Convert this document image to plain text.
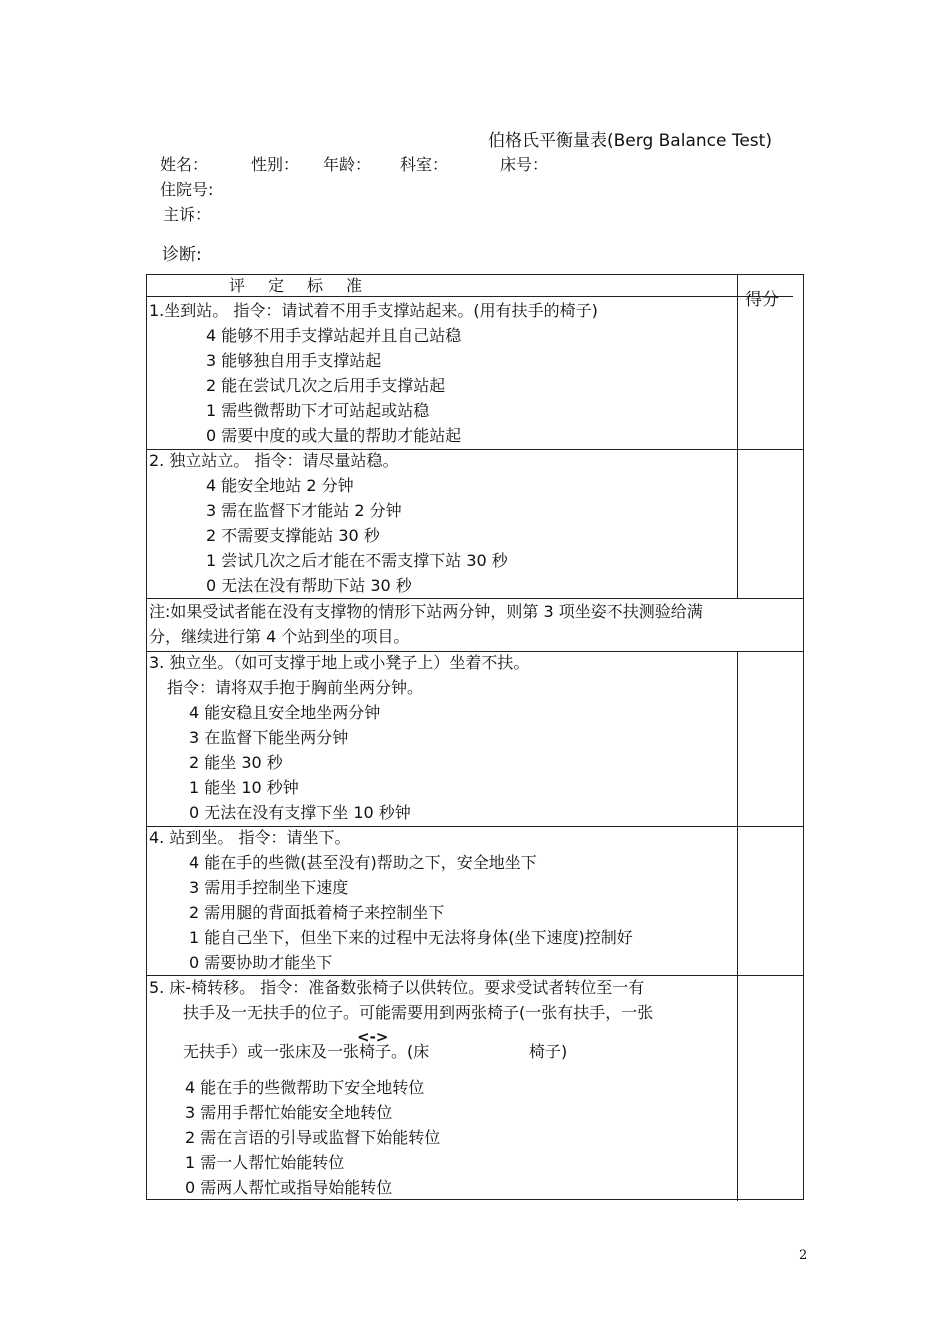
伯格氏平衡量表(Berg Balance Test)
姓名：	性别： 年龄： 科室：	床号：
住院号:
主诉：
诊断:
评定标准
得分
1.坐到站。 指令：请试着不用手支撑站起来。(用有扶手的椅子)
4 能够不用手支撑站起并且自己站稳
3 能够独自用手支撑站起
2 能在尝试几次之后用手支撑站起
1 需些微帮助下才可站起或站稳
0 需要中度的或大量的帮助才能站起
2. 独立站立。 指令：请尽量站稳。
4 能安全地站 2 分钟
3 需在监督下才能站 2 分钟
2 不需要支撑能站 30 秒
1 尝试几次之后才能在不需支撑下站 30 秒
0 无法在没有帮助下站 30 秒
注:如果受试者能在没有支撑物的情形下站两分钟，则第 3 项坐姿不扶测验给满
分，继续进行第 4 个站到坐的项目。
3. 独立坐。（如可支撑于地上或小凳子上）坐着不扶。
指令：请将双手抱于胸前坐两分钟。
4 能安稳且安全地坐两分钟
3 在监督下能坐两分钟
2 能坐 30 秒
1 能坐 10 秒钟
0 无法在没有支撑下坐 10 秒钟
4. 站到坐。 指令：请坐下。
4 能在手的些微(甚至没有)帮助之下，安全地坐下
3 需用手控制坐下速度
2 需用腿的背面抵着椅子来控制坐下
1 能自己坐下，但坐下来的过程中无法将身体(坐下速度)控制好
0 需要协助才能坐下
5. 床-椅转移。 指令：准备数张椅子以供转位。要求受试者转位至一有
扶手及一无扶手的位子。可能需要用到两张椅子(一张有扶手，一张
<->
无扶手）或一张床及一张椅子。(床	椅子)
4 能在手的些微帮助下安全地转位
3 需用手帮忙始能安全地转位
2 需在言语的引导或监督下始能转位
1 需一人帮忙始能转位
0 需两人帮忙或指导始能转位
2
